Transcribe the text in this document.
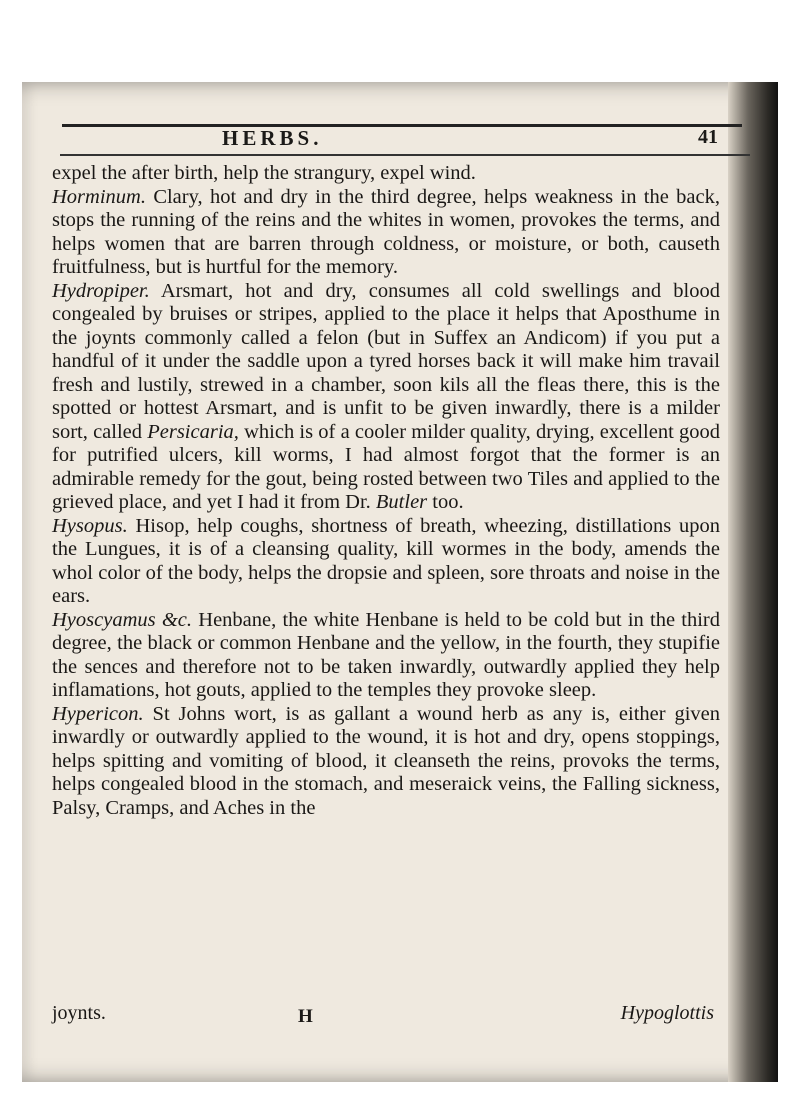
HERBS.	41

expel the after birth, help the strangury, expel wind.

Horminum. Clary, hot and dry in the third degree, helps weakness in the back, stops the running of the reins and the whites in women, provokes the terms, and helps women that are barren through coldness, or moisture, or both, causeth fruitfulness, but is hurtful for the memory.

Hydropiper. Arsmart, hot and dry, consumes all cold swellings and blood congealed by bruises or stripes, applied to the place it helps that Aposthume in the joynts commonly called a felon (but in Suffex an Andicom) if you put a handful of it under the saddle upon a tyred horses back it will make him travail fresh and lustily, strewed in a chamber, soon kils all the fleas there, this is the spotted or hottest Arsmart, and is unfit to be given inwardly, there is a milder sort, called Persicaria, which is of a cooler milder quality, drying, excellent good for putrified ulcers, kill worms, I had almost forgot that the former is an admirable remedy for the gout, being rosted between two Tiles and applied to the grieved place, and yet I had it from Dr. Butler too.

Hysopus. Hisop, help coughs, shortness of breath, wheezing, distillations upon the Lungues, it is of a cleansing quality, kill wormes in the body, amends the whol color of the body, helps the dropsie and spleen, sore throats and noise in the ears.

Hyoscyamus &c. Henbane, the white Henbane is held to be cold but in the third degree, the black or common Henbane and the yellow, in the fourth, they stupifie the sences and therefore not to be taken inwardly, outwardly applied they help inflamations, hot gouts, applied to the temples they provoke sleep.

Hypericon. St Johns wort, is as gallant a wound herb as any is, either given inwardly or outwardly applied to the wound, it is hot and dry, opens stoppings, helps spitting and vomiting of blood, it cleanseth the reins, provoks the terms, helps congealed blood in the stomach, and meseraick veins, the Falling sickness, Palsy, Cramps, and Aches in the

joynts.	H	Hypoglottis
